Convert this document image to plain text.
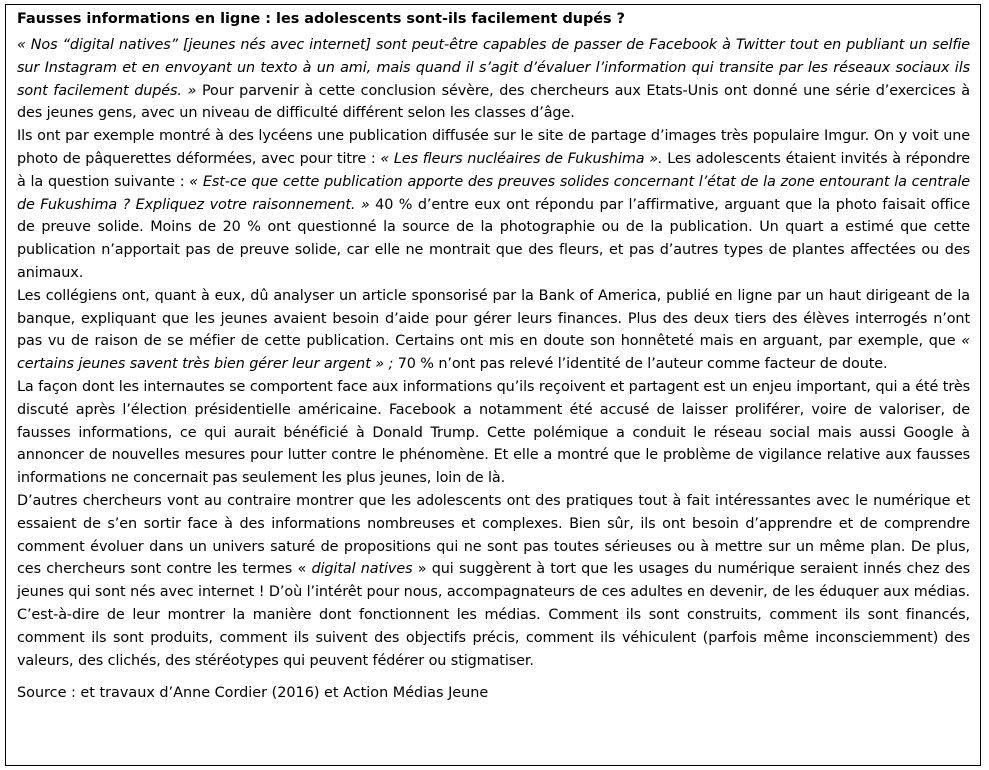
Fausses informations en ligne : les adolescents sont-ils facilement dupés ?

« Nos “digital natives” [jeunes nés avec internet] sont peut-être capables de passer de Facebook à Twitter tout en publiant un selfie sur Instagram et en envoyant un texto à un ami, mais quand il s’agit d’évaluer l’information qui transite par les réseaux sociaux ils sont facilement dupés. » Pour parvenir à cette conclusion sévère, des chercheurs aux Etats-Unis ont donné une série d’exercices à des jeunes gens, avec un niveau de difficulté différent selon les classes d’âge.

Ils ont par exemple montré à des lycéens une publication diffusée sur le site de partage d’images très populaire Imgur. On y voit une photo de pâquerettes déformées, avec pour titre : « Les fleurs nucléaires de Fukushima ». Les adolescents étaient invités à répondre à la question suivante : « Est-ce que cette publication apporte des preuves solides concernant l’état de la zone entourant la centrale de Fukushima ? Expliquez votre raisonnement. » 40 % d’entre eux ont répondu par l’affirmative, arguant que la photo faisait office de preuve solide. Moins de 20 % ont questionné la source de la photographie ou de la publication. Un quart a estimé que cette publication n’apportait pas de preuve solide, car elle ne montrait que des fleurs, et pas d’autres types de plantes affectées ou des animaux.

Les collégiens ont, quant à eux, dû analyser un article sponsorisé par la Bank of America, publié en ligne par un haut dirigeant de la banque, expliquant que les jeunes avaient besoin d’aide pour gérer leurs finances. Plus des deux tiers des élèves interrogés n’ont pas vu de raison de se méfier de cette publication. Certains ont mis en doute son honnêteté mais en arguant, par exemple, que « certains jeunes savent très bien gérer leur argent » ; 70 % n’ont pas relevé l’identité de l’auteur comme facteur de doute.

La façon dont les internautes se comportent face aux informations qu’ils reçoivent et partagent est un enjeu important, qui a été très discuté après l’élection présidentielle américaine. Facebook a notamment été accusé de laisser proliférer, voire de valoriser, de fausses informations, ce qui aurait bénéficié à Donald Trump. Cette polémique a conduit le réseau social mais aussi Google à annoncer de nouvelles mesures pour lutter contre le phénomène. Et elle a montré que le problème de vigilance relative aux fausses informations ne concernait pas seulement les plus jeunes, loin de là.

D’autres chercheurs vont au contraire montrer que les adolescents ont des pratiques tout à fait intéressantes avec le numérique et essaient de s’en sortir face à des informations nombreuses et complexes. Bien sûr, ils ont besoin d’apprendre et de comprendre comment évoluer dans un univers saturé de propositions qui ne sont pas toutes sérieuses ou à mettre sur un même plan. De plus, ces chercheurs sont contre les termes « digital natives » qui suggèrent à tort que les usages du numérique seraient innés chez des jeunes qui sont nés avec internet ! D’où l’intérêt pour nous, accompagnateurs de ces adultes en devenir, de les éduquer aux médias. C’est-à-dire de leur montrer la manière dont fonctionnent les médias. Comment ils sont construits, comment ils sont financés, comment ils sont produits, comment ils suivent des objectifs précis, comment ils véhiculent (parfois même inconsciemment) des valeurs, des clichés, des stéréotypes qui peuvent fédérer ou stigmatiser.

Source : et travaux d’Anne Cordier (2016) et Action Médias Jeune
